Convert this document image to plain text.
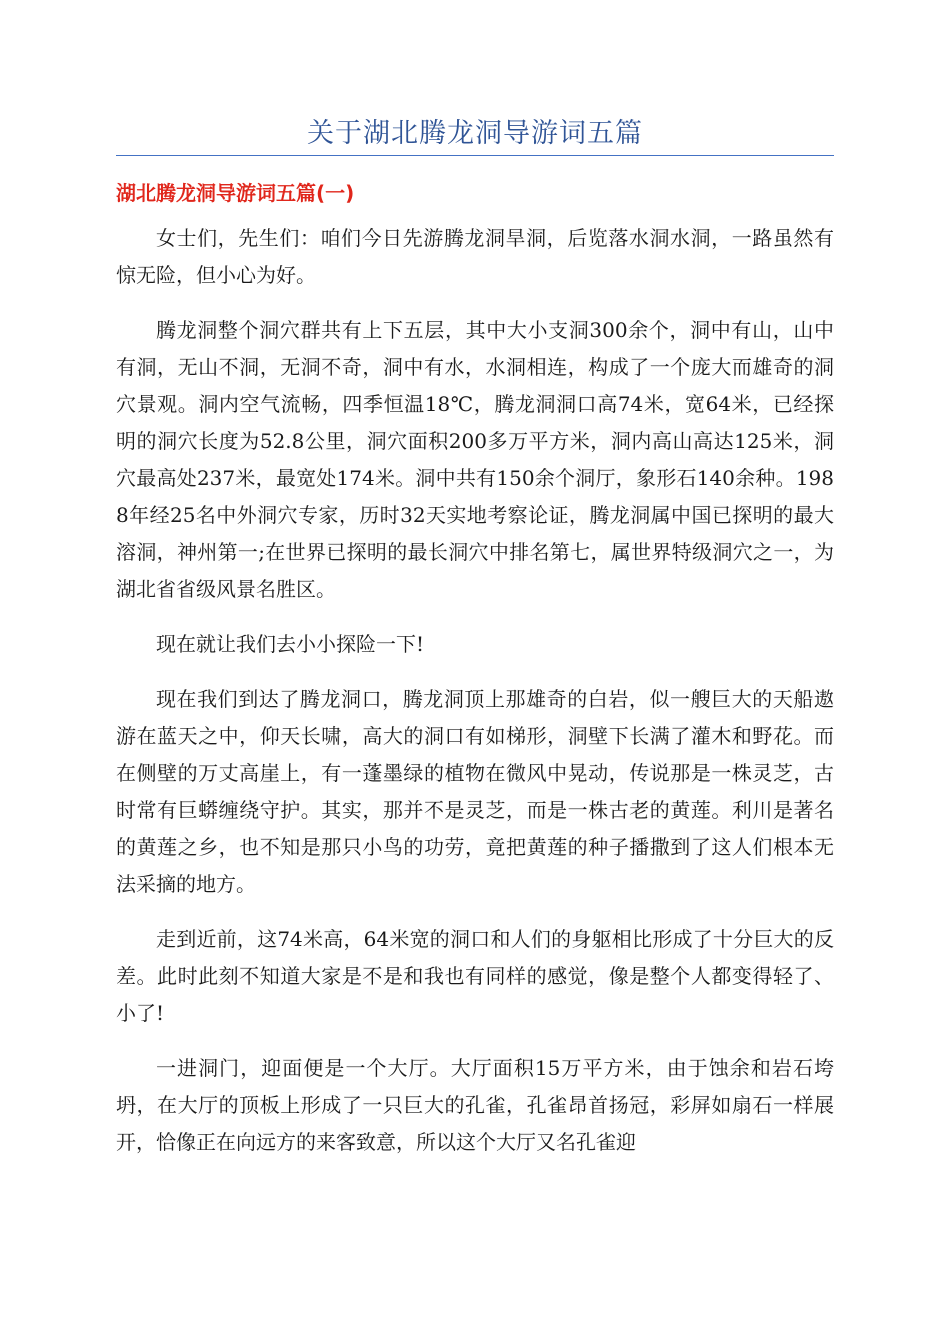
关于湖北腾龙洞导游词五篇
湖北腾龙洞导游词五篇(一)

女士们，先生们：咱们今日先游腾龙洞旱洞，后览落水洞水洞，一路虽然有惊无险，但小心为好。

腾龙洞整个洞穴群共有上下五层，其中大小支洞300余个，洞中有山，山中有洞，无山不洞，无洞不奇，洞中有水，水洞相连，构成了一个庞大而雄奇的洞穴景观。洞内空气流畅，四季恒温18℃，腾龙洞洞口高74米，宽64米，已经探明的洞穴长度为52.8公里，洞穴面积200多万平方米，洞内高山高达125米，洞穴最高处237米，最宽处174米。洞中共有150余个洞厅，象形石140余种。1988年经25名中外洞穴专家，历时32天实地考察论证，腾龙洞属中国已探明的最大溶洞，神州第一;在世界已探明的最长洞穴中排名第七，属世界特级洞穴之一，为湖北省省级风景名胜区。

现在就让我们去小小探险一下!

现在我们到达了腾龙洞口，腾龙洞顶上那雄奇的白岩，似一艘巨大的天船遨游在蓝天之中，仰天长啸，高大的洞口有如梯形，洞壁下长满了灌木和野花。而在侧壁的万丈高崖上，有一蓬墨绿的植物在微风中晃动，传说那是一株灵芝，古时常有巨蟒缠绕守护。其实，那并不是灵芝，而是一株古老的黄莲。利川是著名的黄莲之乡，也不知是那只小鸟的功劳，竟把黄莲的种子播撒到了这人们根本无法采摘的地方。

走到近前，这74米高，64米宽的洞口和人们的身躯相比形成了十分巨大的反差。此时此刻不知道大家是不是和我也有同样的感觉，像是整个人都变得轻了、小了!

一进洞门，迎面便是一个大厅。大厅面积15万平方米，由于蚀余和岩石垮坍，在大厅的顶板上形成了一只巨大的孔雀，孔雀昂首扬冠，彩屏如扇石一样展开，恰像正在向远方的来客致意，所以这个大厅又名孔雀迎
